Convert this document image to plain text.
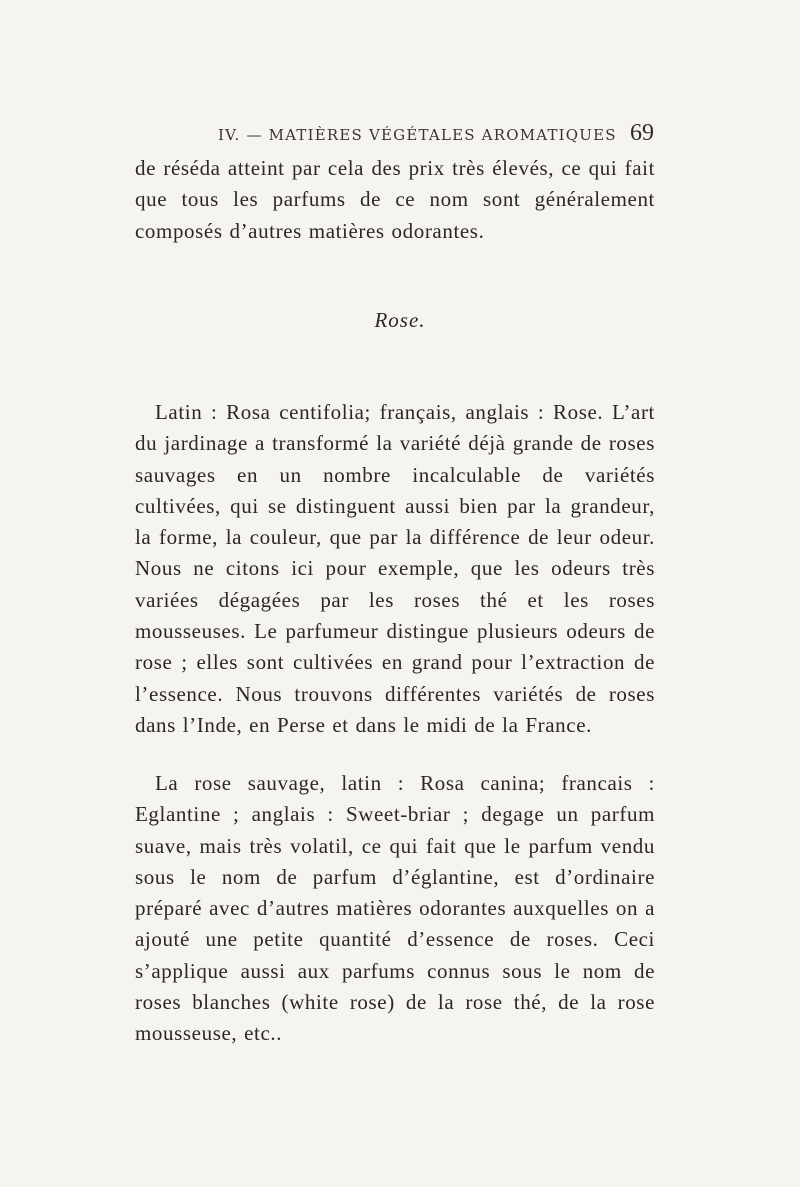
IV. — MATIÈRES VÉGÉTALES AROMATIQUES 69

de réséda atteint par cela des prix très élevés, ce qui fait que tous les parfums de ce nom sont généralement composés d’autres matières odorantes.

Rose.

Latin : Rosa centifolia; français, anglais : Rose. L’art du jardinage a transformé la variété déjà grande de roses sauvages en un nombre incalculable de variétés cultivées, qui se distinguent aussi bien par la grandeur, la forme, la couleur, que par la différence de leur odeur. Nous ne citons ici pour exemple, que les odeurs très variées dégagées par les roses thé et les roses mousseuses. Le parfumeur distingue plusieurs odeurs de rose ; elles sont cultivées en grand pour l’extraction de l’essence. Nous trouvons différentes variétés de roses dans l’Inde, en Perse et dans le midi de la France.

La rose sauvage, latin : Rosa canina; francais : Eglantine ; anglais : Sweet-briar ; degage un parfum suave, mais très volatil, ce qui fait que le parfum vendu sous le nom de parfum d’églantine, est d’ordinaire préparé avec d’autres matières odorantes auxquelles on a ajouté une petite quantité d’essence de roses. Ceci s’applique aussi aux parfums connus sous le nom de roses blanches (white rose) de la rose thé, de la rose mousseuse, etc..
